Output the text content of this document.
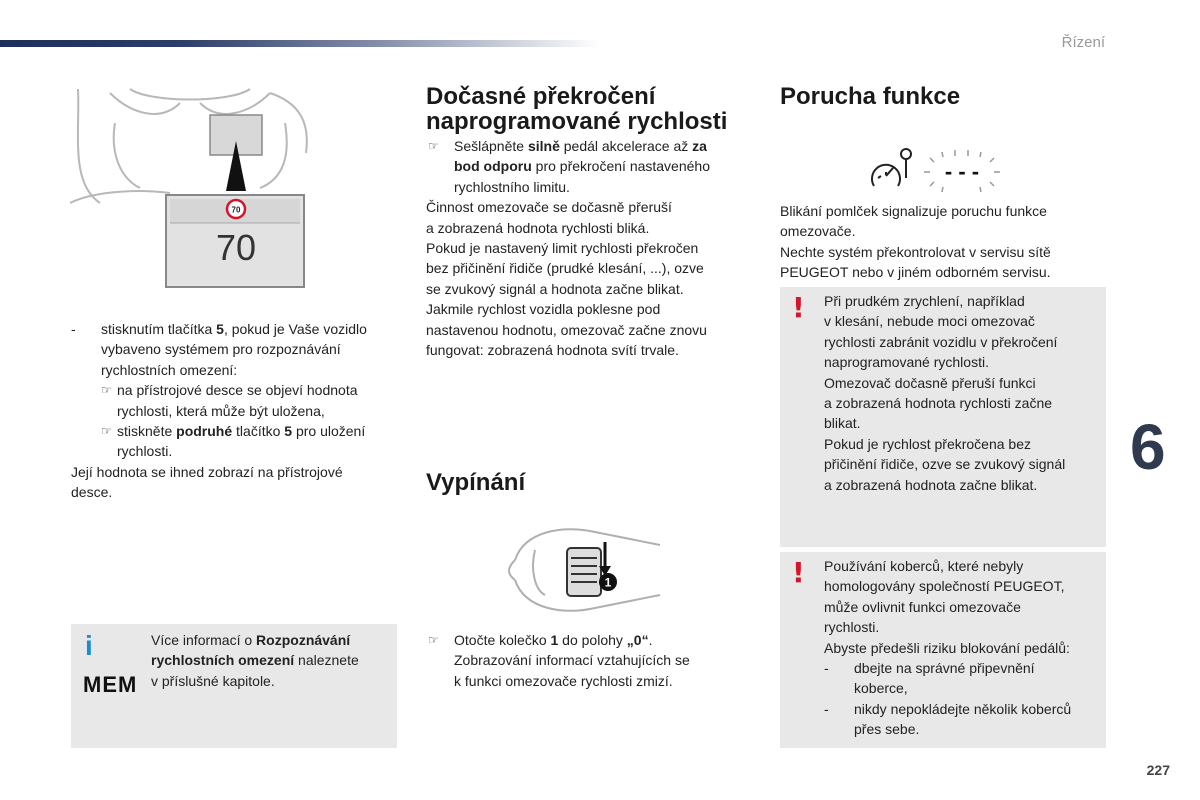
Řízení
6
227
70
70
- stisknutím tlačítka 5, pokud je Vaše vozidlo

vybaveno systémem pro rozpoznávání

rychlostních omezení:

☞ na přístrojové desce se objeví hodnota

rychlosti, která může být uložena,

☞ stiskněte podruhé tlačítko 5 pro uložení

rychlosti.

Její hodnota se ihned zobrazí na přístrojové

desce.

i
MEM

Více informací o Rozpoznávání

rychlostních omezení naleznete

v příslušné kapitole.

Dočasné překročení
naprogramované rychlosti
☞ Sešlápněte silně pedál akcelerace až za

bod odporu pro překročení nastaveného

rychlostního limitu.

Činnost omezovače se dočasně přeruší

a zobrazená hodnota rychlosti bliká.

Pokud je nastavený limit rychlosti překročen

bez přičinění řidiče (prudké klesání, ...), ozve

se zvukový signál a hodnota začne blikat.

Jakmile rychlost vozidla poklesne pod

nastavenou hodnotu, omezovač začne znovu

fungovat: zobrazená hodnota svítí trvale.

Vypínání
1
☞ Otočte kolečko 1 do polohy „0“.

Zobrazování informací vztahujících se

k funkci omezovače rychlosti zmizí.

Porucha funkce
- - -

Blikání pomlček signalizuje poruchu funkce

omezovače.

Nechte systém překontrolovat v servisu sítě

PEUGEOT nebo v jiném odborném servisu.

! Při prudkém zrychlení, například

v klesání, nebude moci omezovač

rychlosti zabránit vozidlu v překročení

naprogramované rychlosti.

Omezovač dočasně přeruší funkci

a zobrazená hodnota rychlosti začne

blikat.

Pokud je rychlost překročena bez

přičinění řidiče, ozve se zvukový signál

a zobrazená hodnota začne blikat.

! Používání koberců, které nebyly

homologovány společností PEUGEOT,

může ovlivnit funkci omezovače

rychlosti.

Abyste předešli riziku blokování pedálů:

- dbejte na správné připevnění

koberce,

- nikdy nepokládejte několik koberců

přes sebe.
